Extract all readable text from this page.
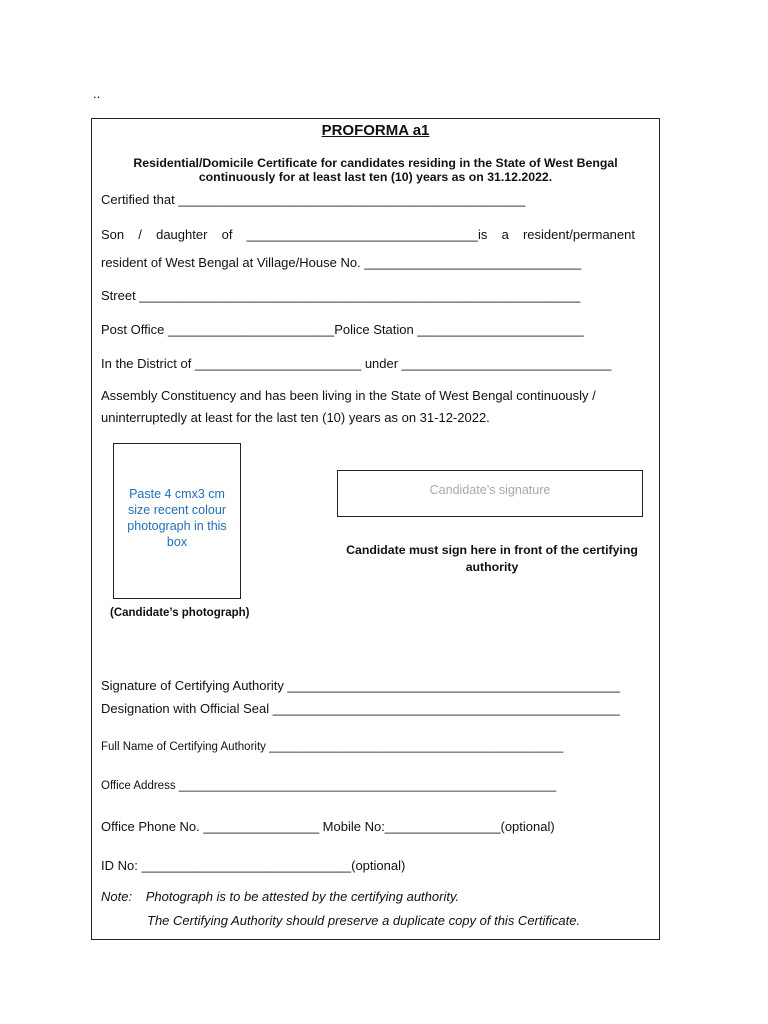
..
PROFORMA a1
Residential/Domicile Certificate for candidates residing in the State of West Bengal
continuously for at least last ten (10) years as on 31.12.2022.
Certified that ________________________________________________
Son / daughter of ________________________________is a resident/permanent
resident of West Bengal at Village/House No. ______________________________
Street _____________________________________________________________
Post Office _______________________Police Station _______________________
In the District of _______________________ under _____________________________
Assembly Constituency and has been living in the State of West Bengal continuously /
uninterruptedly at least for the last ten (10) years as on 31-12-2022.
Paste 4 cmx3 cm size recent colour photograph in this box
(Candidate’s photograph)
Candidate’s signature
Candidate must sign here in front of the certifying authority
Signature of Certifying Authority ______________________________________________
Designation with Official Seal ________________________________________________
Full Name of Certifying Authority ______________________________________________
Office Address ___________________________________________________________
Office Phone No. ________________ Mobile No:________________(optional)
ID No: _____________________________(optional)
Note: Photograph is to be attested by the certifying authority.
The Certifying Authority should preserve a duplicate copy of this Certificate.
